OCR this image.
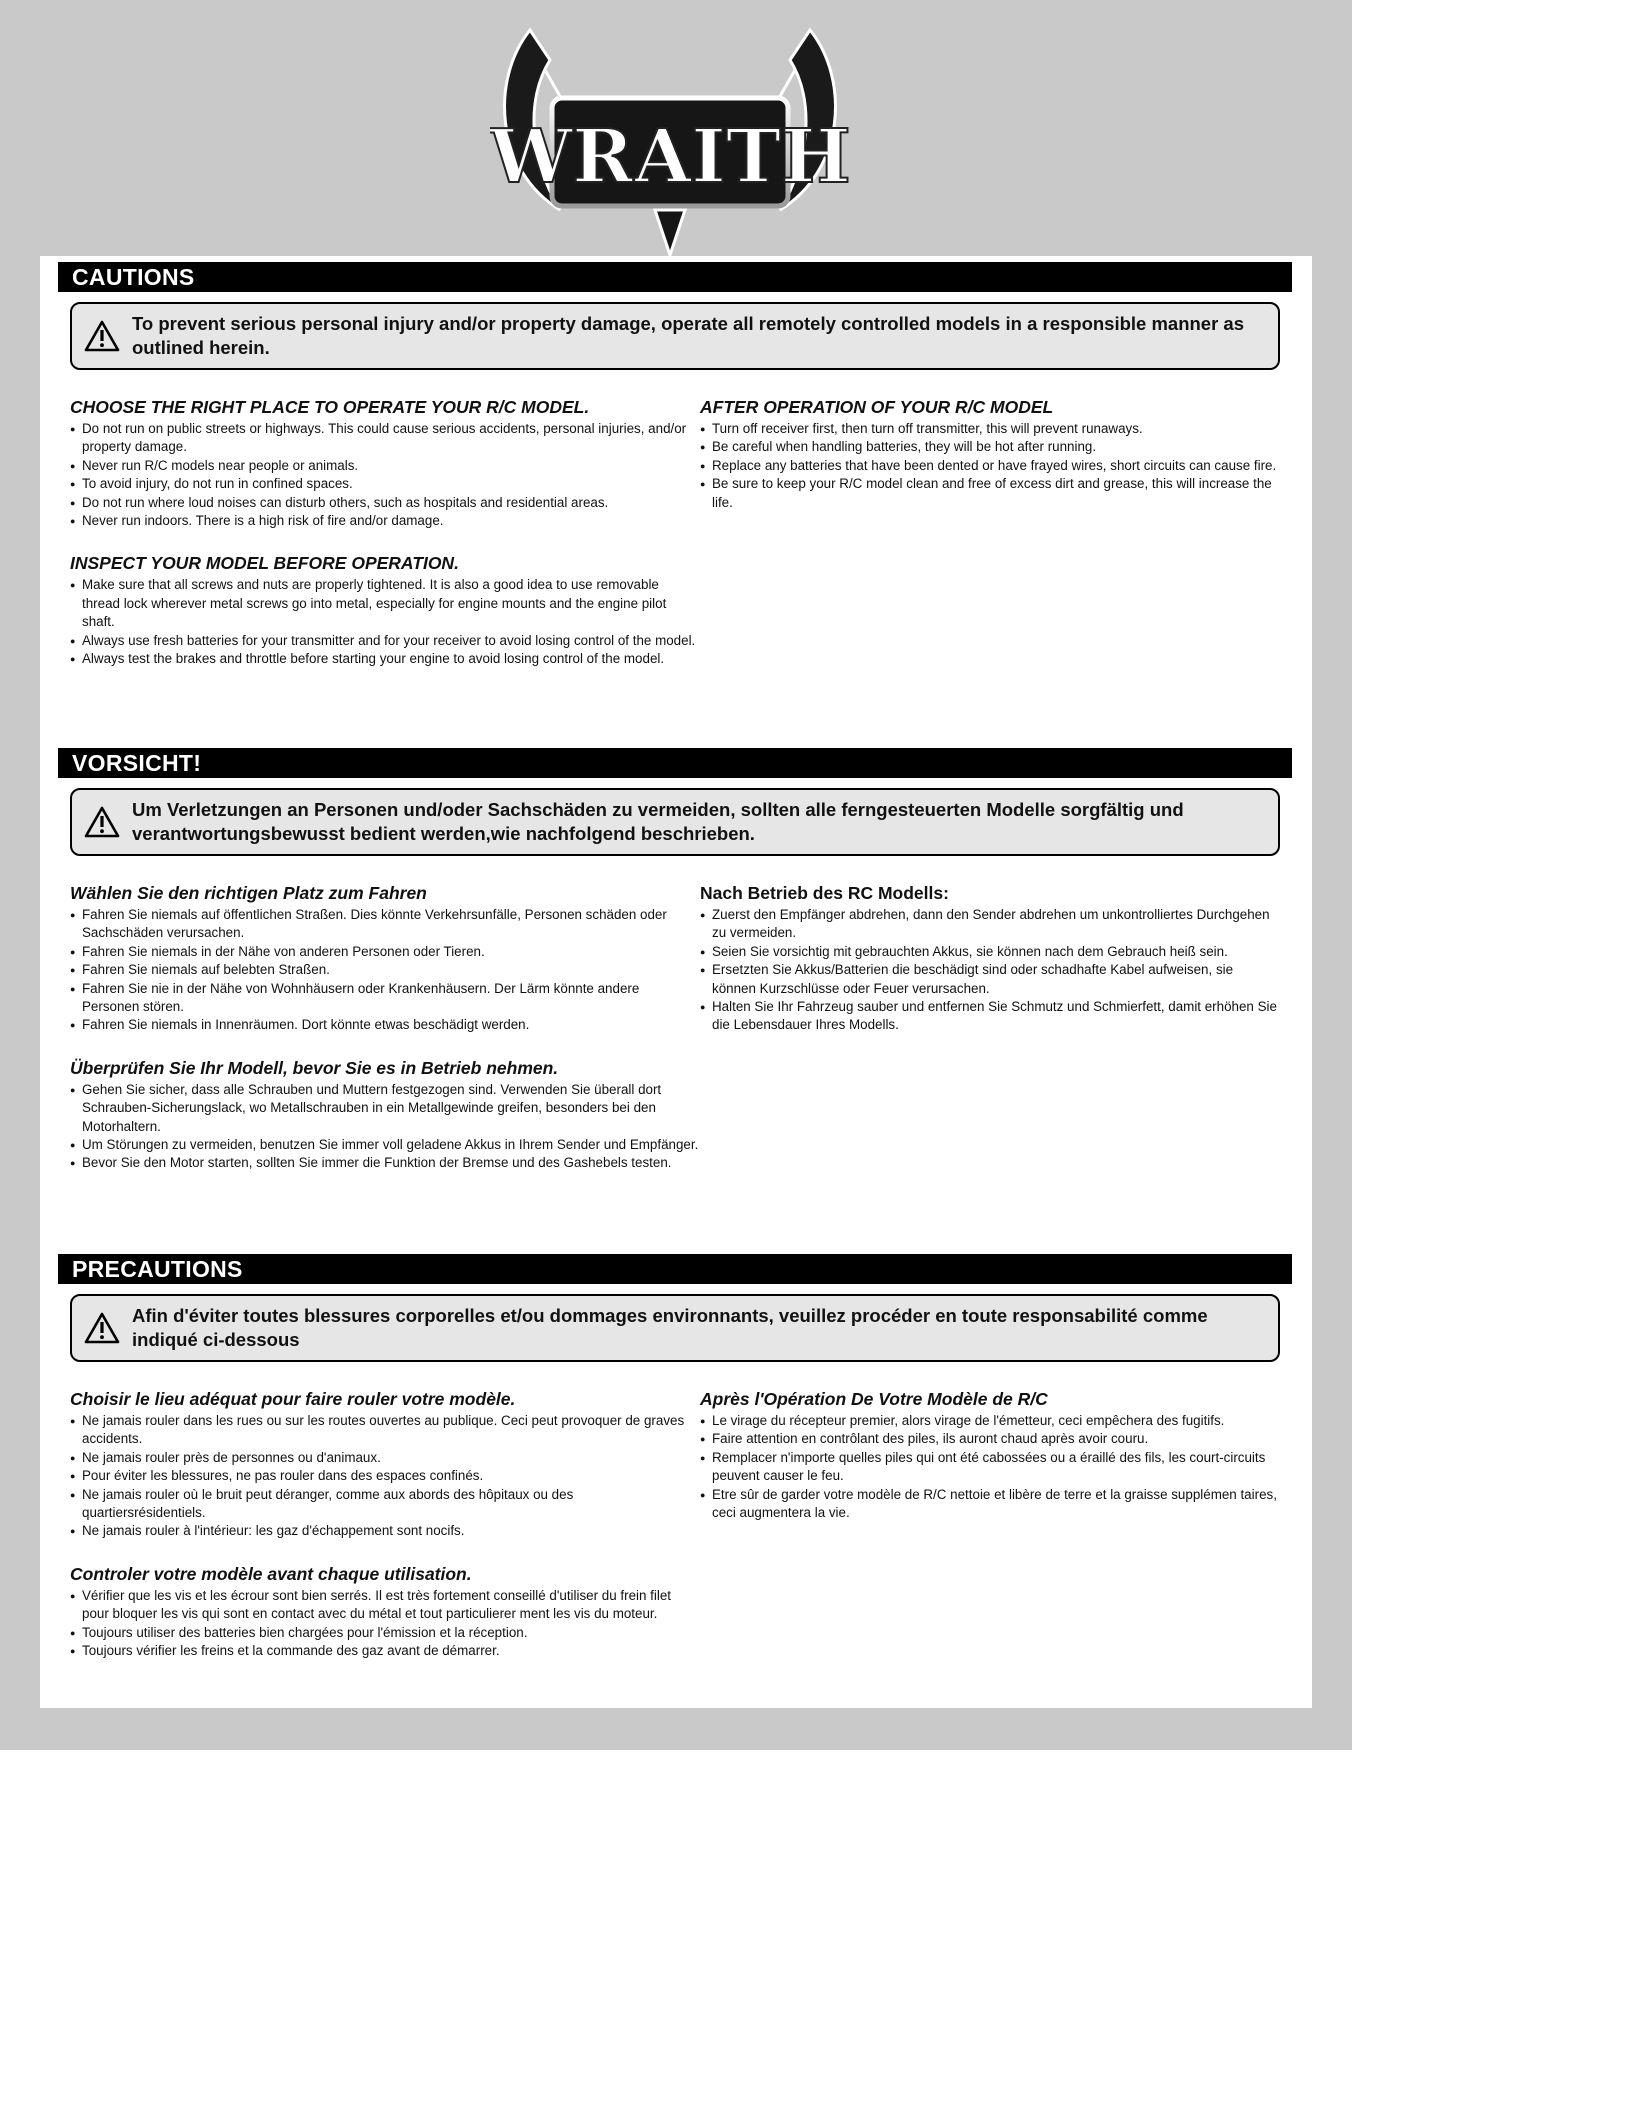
WRAITH
CAUTIONS
To prevent serious personal injury and/or property damage, operate all remotely controlled models in a responsible manner as outlined herein.
CHOOSE THE RIGHT PLACE TO OPERATE YOUR R/C MODEL.
● Do not run on public streets or highways. This could cause serious accidents, personal injuries, and/or property damage.
● Never run R/C models near people or animals.
● To avoid injury, do not run in confined spaces.
● Do not run where loud noises can disturb others, such as hospitals and residential areas.
● Never run indoors. There is a high risk of fire and/or damage.
INSPECT YOUR MODEL BEFORE OPERATION.
● Make sure that all screws and nuts are properly tightened. It is also a good idea to use removable thread lock wherever metal screws go into metal, especially for engine mounts and the engine pilot shaft.
● Always use fresh batteries for your transmitter and for your receiver to avoid losing control of the model.
● Always test the brakes and throttle before starting your engine to avoid losing control of the model.
AFTER OPERATION OF YOUR R/C MODEL
● Turn off receiver first, then turn off transmitter, this will prevent runaways.
● Be careful when handling batteries, they will be hot after running.
● Replace any batteries that have been dented or have frayed wires, short circuits can cause fire.
● Be sure to keep your R/C model clean and free of excess dirt and grease, this will increase the life.
VORSICHT!
Um Verletzungen an Personen und/oder Sachschäden zu vermeiden, sollten alle ferngesteuerten Modelle sorgfältig und verantwortungsbewusst bedient werden,wie nachfolgend beschrieben.
Wählen Sie den richtigen Platz zum Fahren
● Fahren Sie niemals auf öffentlichen Straßen. Dies könnte Verkehrsunfälle, Personen schäden oder Sachschäden verursachen.
● Fahren Sie niemals in der Nähe von anderen Personen oder Tieren.
● Fahren Sie niemals auf belebten Straßen.
● Fahren Sie nie in der Nähe von Wohnhäusern oder Krankenhäusern. Der Lärm könnte andere Personen stören.
● Fahren Sie niemals in Innenräumen. Dort könnte etwas beschädigt werden.
Überprüfen Sie Ihr Modell, bevor Sie es in Betrieb nehmen.
● Gehen Sie sicher, dass alle Schrauben und Muttern festgezogen sind. Verwenden Sie überall dort Schrauben-Sicherungslack, wo Metallschrauben in ein Metallgewinde greifen, besonders bei den Motorhaltern.
● Um Störungen zu vermeiden, benutzen Sie immer voll geladene Akkus in Ihrem Sender und Empfänger.
● Bevor Sie den Motor starten, sollten Sie immer die Funktion der Bremse und des Gashebels testen.
Nach Betrieb des RC Modells:
● Zuerst den Empfänger abdrehen, dann den Sender abdrehen um unkontrolliertes Durchgehen zu vermeiden.
● Seien Sie vorsichtig mit gebrauchten Akkus, sie können nach dem Gebrauch heiß sein.
● Ersetzten Sie Akkus/Batterien die beschädigt sind oder schadhafte Kabel aufweisen, sie können Kurzschlüsse oder Feuer verursachen.
● Halten Sie Ihr Fahrzeug sauber und entfernen Sie Schmutz und Schmierfett, damit erhöhen Sie die Lebensdauer Ihres Modells.
PRECAUTIONS
Afin d'éviter toutes blessures corporelles et/ou dommages environnants, veuillez procéder en toute responsabilité comme indiqué ci-dessous
Choisir le lieu adéquat pour faire rouler votre modèle.
● Ne jamais rouler dans les rues ou sur les routes ouvertes au publique. Ceci peut provoquer de graves accidents.
● Ne jamais rouler près de personnes ou d'animaux.
● Pour éviter les blessures, ne pas rouler dans des espaces confinés.
● Ne jamais rouler où le bruit peut déranger, comme aux abords des hôpitaux ou des quartiersrésidentiels.
● Ne jamais rouler à l'intérieur: les gaz d'échappement sont nocifs.
Controler votre modèle avant chaque utilisation.
● Vérifier que les vis et les écrour sont bien serrés. Il est très fortement conseillé d'utiliser du frein filet pour bloquer les vis qui sont en contact avec du métal et tout particulierer ment les vis du moteur.
● Toujours utiliser des batteries bien chargées pour l'émission et la réception.
● Toujours vérifier les freins et la commande des gaz avant de démarrer.
Après l'Opération De Votre Modèle de R/C
● Le virage du récepteur premier, alors virage de l'émetteur, ceci empêchera des fugitifs.
● Faire attention en contrôlant des piles, ils auront chaud après avoir couru.
● Remplacer n'importe quelles piles qui ont été cabossées ou a éraillé des fils, les court-circuits peuvent causer le feu.
● Etre sûr de garder votre modèle de R/C nettoie et libère de terre et la graisse supplémen taires, ceci augmentera la vie.
